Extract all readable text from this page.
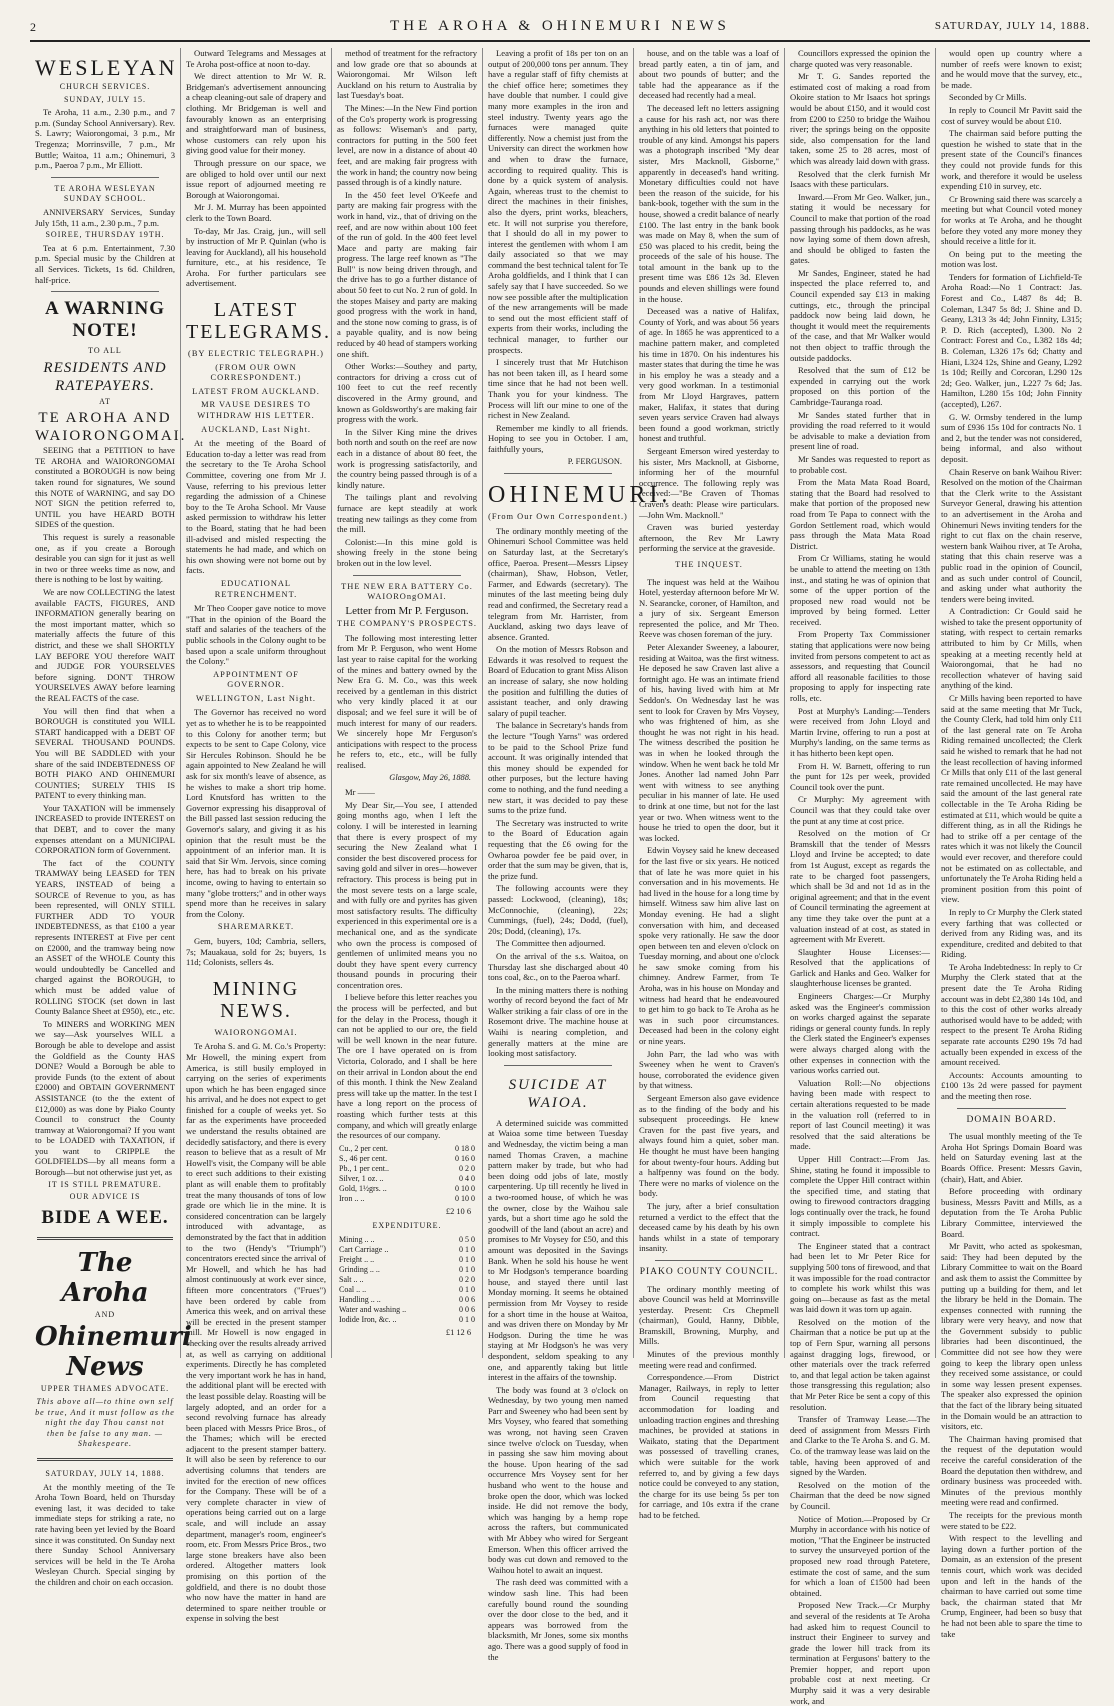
2	THE AROHA & OHINEMURI NEWS	SATURDAY, JULY 14, 1888.
WESLEYAN
CHURCH SERVICES.
SUNDAY, JULY 15.

Te Aroha, 11 a.m., 2.30 p.m., and 7 p.m. (Sunday School Anniversary). Rev. S. Lawry; Waiorongomai, 3 p.m., Mr Tregenza; Morrinsville, 7 p.m., Mr Buttle; Waitoa, 11 a.m.; Ohinemuri, 3 p.m., Paeroa 7 p.m., Mr Elliott.

TE AROHA WESLEYAN SUNDAY SCHOOL.

ANNIVERSARY Services, Sunday July 15th, 11 a.m., 2.30 p.m., 7 p.m.

SOIREE, THURSDAY 19TH.

Tea at 6 p.m. Entertainment, 7.30 p.m. Special music by the Children at all Services. Tickets, 1s 6d. Children, half-price.

A WARNING NOTE!
TO ALL
RESIDENTS AND RATEPAYERS.
AT
TE AROHA AND WAIORONGOMAI.

SEEING that a PETITION to have TE AROHA and WAIORONGOMAI constituted a BOROUGH is now being taken round for signatures, We sound this NOTE of WARNING, and say DO NOT SIGN the petition referred to, UNTIL you have HEARD BOTH SIDES of the question.

This request is surely a reasonable one, as if you create a Borough desirable you can sign for it just as well in two or three weeks time as now, and there is nothing to be lost by waiting.

We are now COLLECTING the latest available FACTS, FIGURES, AND INFORMATION generally bearing on the most important matter, which so materially affects the future of this district, and these we shall SHORTLY LAY BEFORE YOU therefore WAIT and JUDGE FOR YOURSELVES before signing. DON'T THROW YOURSELVES AWAY before learning the REAL FACTS of the case.

You will then find that when a BOROUGH is constituted you WILL START handicapped with a DEBT OF SEVERAL THOUSAND POUNDS. You will BE SADDLED with your share of the said INDEBTEDNESS OF BOTH PIAKO AND OHINEMURI COUNTIES; SURELY THIS IS PATENT to every thinking man.

Your TAXATION will be immensely INCREASED to provide INTEREST on that DEBT, and to cover the many expenses attendant on a MUNICIPAL CORPORATION form of Government.

The fact of the COUNTY TRAMWAY being LEASED for TEN YEARS, INSTEAD of being a SOURCE of Revenue to you, as has been represented, will ONLY STILL FURTHER ADD TO YOUR INDEBTEDNESS, as that £100 a year represents INTEREST at Five per cent on £2000, and the tramway being now an ASSET of the WHOLE County this would undoubtedly be Cancelled and charged against the BOROUGH, to which must be added value of ROLLING STOCK (set down in last County Balance Sheet at £950), etc., etc.

To MINERS and WORKING MEN we say—Ask yourselves WILL a Borough be able to develope and assist the Goldfield as the County HAS DONE? Would a Borough be able to provide Funds (to the extent of about £2000) and OBTAIN GOVERNMENT ASSISTANCE (to the the extent of £12,000) as was done by Piako County Council to construct the County tramway at Waiorongomai? If you want to be LOADED with TAXATION, if you want to CRIPPLE the GOLDFIELDS—by all means form a Borough—but not otherwise just yet, as

IT IS STILL PREMATURE.
OUR ADVICE IS
BIDE A WEE.
The Aroha
AND
Ohinemuri News
UPPER THAMES ADVOCATE.
This above all—to thine own self be true, And it must follow as the night the day Thou canst not then be false to any man. —Shakespeare.
SATURDAY, JULY 14, 1888.

At the monthly meeting of the Te Aroha Town Board, held on Thursday evening last, it was decided to take immediate steps for striking a rate, no rate having been yet levied by the Board since it was constituted. On Sunday next there Sunday School Anniversary services will be held in the Te Aroha Wesleyan Church. Special singing by the children and choir on each occasion.

Outward Telegrams and Messages at Te Aroha post-office at noon to-day.

We direct attention to Mr W. R. Bridgeman's advertisement announcing a cheap cleaning-out sale of drapery and clothing. Mr Bridgeman is well and favourably known as an enterprising and straightforward man of business, whose customers can rely upon his giving good value for their money.

Through pressure on our space, we are obliged to hold over until our next issue report of adjourned meeting re Borough at Waiorongomai.

Mr J. M. Murray has been appointed clerk to the Town Board.

To-day, Mr Jas. Craig, jun., will sell by instruction of Mr P. Quinlan (who is leaving for Auckland), all his household furniture, etc., at his residence, Te Aroha. For further particulars see advertisement.

LATEST TELEGRAMS.
(BY ELECTRIC TELEGRAPH.)
(FROM OUR OWN CORRESPONDENT.)
LATEST FROM AUCKLAND.
MR VAUSE DESIRES TO WITHDRAW HIS LETTER.
AUCKLAND, Last Night.

At the meeting of the Board of Education to-day a letter was read from the secretary to the Te Aroha School Committee, covering one from Mr J. Vause, referring to his previous letter regarding the admission of a Chinese boy to the Te Aroha School. Mr Vause asked permission to withdraw his letter to the Board, stating that he had been ill-advised and misled respecting the statements he had made, and which on his own showing were not borne out by facts.

EDUCATIONAL RETRENCHMENT.

Mr Theo Cooper gave notice to move "That in the opinion of the Board the staff and salaries of the teachers of the public schools in the Colony ought to be based upon a scale uniform throughout the Colony."

APPOINTMENT OF GOVERNOR.
WELLINGTON, Last Night.

The Governor has received no word yet as to whether he is to be reappointed to this Colony for another term; but expects to be sent to Cape Colony, vice Sir Hercules Robinson. Should he be again appointed to New Zealand he will ask for six month's leave of absence, as he wishes to make a short trip home. Lord Knutsford has written to the Governor expressing his disapproval of the Bill passed last session reducing the Governor's salary, and giving it as his opinion that the result must be the appointment of an inferior man. It is said that Sir Wm. Jervois, since coming here, has had to break on his private income, owing to having to entertain so many "globe trotters;" and in other ways spend more than he receives in salary from the Colony.

SHAREMARKET.

Gem, buyers, 10d; Cambria, sellers, 7s; Mauakaua, sold for 2s; buyers, 1s 11d; Colonists, sellers 4s.

MINING NEWS.
WAIORONGOMAI.

Te Aroha S. and G. M. Co.'s Property: Mr Howell, the mining expert from America, is still busily employed in carrying on the series of experiments upon which he has been engaged since his arrival, and he does not expect to get finished for a couple of weeks yet. So far as the experiments have proceeded we understand the results obtained are decidedly satisfactory, and there is every reason to believe that as a result of Mr Howell's visit, the Company will be able to erect such additions to their existing plant as will enable them to profitably treat the many thousands of tons of low grade ore which lie in the mine. It is considered concentration can be largely introduced with advantage, as demonstrated by the fact that in addition to the two (Hendy's "Triumph") concentrators erected since the arrival of Mr Howell, and which he has had almost continuously at work ever since, fifteen more concentrators ("Frues") have been ordered by cable from America this week, and on arrival these will be erected in the present stamper mill. Mr Howell is now engaged in checking over the results already arrived at, as well as carrying on additional experiments. Directly he has completed the very important work he has in hand, the additional plant will be erected with the least possible delay. Roasting will be largely adopted, and an order for a second revolving furnace has already been placed with Messrs Price Bros., of the Thames; which will be erected adjacent to the present stamper battery. It will also be seen by reference to our advertising columns that tenders are invited for the erection of new offices for the Company. These will be of a very complete character in view of operations being carried out on a large scale, and will include an assay department, manager's room, engineer's room, etc. From Messrs Price Bros., two large stone breakers have also been ordered. Altogether matters look promising on this portion of the goldfield, and there is no doubt those who now have the matter in hand are determined to spare neither trouble or expense in solving the best

method of treatment for the refractory and low grade ore that so abounds at Waiorongomai. Mr Wilson left Auckland on his return to Australia by last Tuesday's boat.

The Mines:—In the New Find portion of the Co's property work is progressing as follows: Wiseman's and party, contractors for putting in the 500 feet level, are now in a distance of about 40 feet, and are making fair progress with the work in hand; the country now being passed through is of a kindly nature.

In the 450 feet level O'Keefe and party are making fair progress with the work in hand, viz., that of driving on the reef, and are now within about 100 feet of the run of gold. In the 400 feet level Mace and party are making fair progress. The large reef known as "The Bull" is now being driven through, and the drive has to go a further distance of about 50 feet to cut No. 2 run of gold. In the stopes Maisey and party are making good progress with the work in hand, and the stone now coming to grass, is of a payable quality, and is now being reduced by 40 head of stampers working one shift.

Other Works:—Southey and party, contractors for driving a cross cut of 100 feet to cut the reef recently discovered in the Army ground, and known as Goldsworthy's are making fair progress with the work.

In the Silver King mine the drives both north and south on the reef are now each in a distance of about 80 feet, the work is progressing satisfactorily, and the country being passed through is of a kindly nature.

The tailings plant and revolving furnace are kept steadily at work treating new tailings as they come from the mill.

Colonist:—In this mine gold is showing freely in the stone being broken out in the low level.

THE NEW ERA BATTERY Co. WAIOROngOMAI.
Letter from Mr P. Ferguson.
THE COMPANY'S PROSPECTS.

The following most interesting letter from Mr P. Ferguson, who went Home last year to raise capital for the working of the mines and battery owned by the New Era G. M. Co., was this week received by a gentleman in this district who very kindly placed it at our disposal; and we feel sure it will be of much interest for many of our readers. We sincerely hope Mr Ferguson's anticipations with respect to the process he refers to, etc., etc., will be fully realised.

Glasgow, May 26, 1888.

Mr ——

My Dear Sir,—You see, I attended going months ago, when I left the colony. I will be interested in learning that there is every prospect of my securing the New Zealand what I consider the best discovered process for saving gold and silver in ores—however refractory. This process is being put in the most severe tests on a large scale, and with fully ore and pyrites has given most satisfactory results. The difficulty experienced in this experimental ore is a mechanical one, and as the syndicate who own the process is composed of gentlemen of unlimited means you no doubt they have spent every currency thousand pounds in procuring their concentration ores.

I believe before this letter reaches you the process will be perfected, and but for the delay in the Process, though it can not be applied to our ore, the field will be well known in the near future. The ore I have operated on is from Victoria, Colorado, and I shall be here on their arrival in London about the end of this month. I think the New Zealand press will take up the matter. In the test I have a long report on the process of roasting which further tests at this company, and which will greatly enlarge the resources of our company.

Cu., 2 per cent.	0 18 0
S., 46 per cent.	0 16 0
Pb., 1 per cent..	0 2 0
Silver, 1 oz. ..	0 4 0
Gold, 1½grs. ..	0 10 0
Iron .. ..	0 10 0
£2 10 6
EXPENDITURE.
Mining .. ..	0 5 0
Cart Carriage ..	0 1 0
Freight .. ..	0 1 0
Grinding .. ..	0 1 0
Salt .. ..	0 2 0
Coal .. ..	0 1 0
Handling .. ..	0 0 6
Water and washing ..	0 0 6
Iodide Iron, &c. ..	0 1 0
£1 12 6

Leaving a profit of 18s per ton on an output of 200,000 tons per annum. They have a regular staff of fifty chemists at the chief office here; sometimes they have double that number. I could give many more examples in the iron and steel industry. Twenty years ago the furnaces were managed quite differently. Now a chemist just from the University can direct the workmen how and when to draw the furnace, according to required quality. This is done by a quick system of analysis. Again, whereas trust to the chemist to direct the machines in their finishes, also the dyers, print works, bleachers, etc. It will not surprise you therefore, that I should do all in my power to interest the gentlemen with whom I am daily associated so that we may command the best technical talent for Te Aroha goldfields, and I think that I can safely say that I have succeeded. So we now see possible after the multiplication of the new arrangements will be made to send out the most efficient staff of experts from their works, including the technical manager, to further our prospects.

I sincerely trust that Mr Hutchison has not been taken ill, as I heard some time since that he had not been well. Thank you for your kindness. The Process will lift our mine to one of the richest in New Zealand.

Remember me kindly to all friends. Hoping to see you in October. I am, faithfully yours,

P. FERGUSON.
OHINEMURI.
(From Our Own Correspondent.)

The ordinary monthly meeting of the Ohinemuri School Committee was held on Saturday last, at the Secretary's office, Paeroa. Present—Messrs Lipsey (chairman), Shaw, Hobson, Vetler, Farmer, and Edwards (secretary). The minutes of the last meeting being duly read and confirmed, the Secretary read a telegram from Mr. Harrister, from Auckland, asking two days leave of absence. Granted.

On the motion of Messrs Robson and Edwards it was resolved to request the Board of Education to grant Miss Alison an increase of salary, she now holding the position and fulfilling the duties of assistant teacher, and only drawing salary of pupil teacher.

The balance in Secretary's hands from the lecture "Tough Yarns" was ordered to be paid to the School Prize fund account. It was originally intended that this money should be expended for other purposes, but the lecture having come to nothing, and the fund needing a new start, it was decided to pay these sums to the prize fund.

The Secretary was instructed to write to the Board of Education again requesting that the £6 owing for the Owharoa powder fee be paid over, in order that the sum may be given, that is, the prize fund.

The following accounts were they passed: Lockwood, (cleaning), 18s; McConnochie, (cleaning), 22s; Cummings, (fuel), 24s; Dodd, (fuel), 20s; Dodd, (cleaning), 17s.

The Committee then adjourned.

On the arrival of the s.s. Waitoa, on Thursday last she discharged about 40 tons coal, &c., on to the Paeroa wharf.

In the mining matters there is nothing worthy of record beyond the fact of Mr Walker striking a fair class of ore in the Rosemont drive. The machine house at Waihi is nearing completion, and generally matters at the mine are looking most satisfactory.

SUICIDE AT WAIOA.

A determined suicide was committed at Waioa some time between Tuesday and Wednesday, the victim being a man named Thomas Craven, a machine pattern maker by trade, but who had been doing odd jobs of late, mostly carpentering. Up till recently he lived in a two-roomed house, of which he was the owner, close by the Waihou sale yards, but a short time ago he sold the goodwill of the land (about an acre) and promises to Mr Voysey for £50, and this amount was deposited in the Savings Bank. When he sold his house he went to Mr Hodgson's temperance boarding house, and stayed there until last Monday morning. It seems he obtained permission from Mr Voysey to reside for a short time in the house at Waitoa, and was driven there on Monday by Mr Hodgson. During the time he was staying at Mr Hodgson's he was very despondent, seldom speaking to any one, and apparently taking but little interest in the affairs of the township.

The body was found at 3 o'clock on Wednesday, by two young men named Parr and Sweeney who had been sent by Mrs Voysey, who feared that something was wrong, not having seen Craven since twelve o'clock on Tuesday, when in passing she saw him moving about the house. Upon hearing of the sad occurrence Mrs Voysey sent for her husband who went to the house and broke open the door, which was locked inside. He did not remove the body, which was hanging by a hemp rope across the rafters, but communicated with Mr Abbey who wired for Sergeant Emerson. When this officer arrived the body was cut down and removed to the Waihou hotel to await an inquest.

The rash deed was committed with a window sash line. This had been carefully bound round the sounding over the door close to the bed, and it appears was borrowed from the blacksmith, Mr Jones, some six months ago. There was a good supply of food in the

house, and on the table was a loaf of bread partly eaten, a tin of jam, and about two pounds of butter; and the table had the appearance as if the deceased had recently had a meal.

The deceased left no letters assigning a cause for his rash act, nor was there anything in his old letters that pointed to trouble of any kind. Amongst his papers was a photograph inscribed "My dear sister, Mrs Macknoll, Gisborne," apparently in deceased's hand writing. Monetary difficulties could not have been the reason of the suicide, for his bank-book, together with the sum in the house, showed a credit balance of nearly £100. The last entry in the bank book was made on May 8, when the sum of £50 was placed to his credit, being the proceeds of the sale of his house. The total amount in the bank up to the present time was £86 12s 3d. Eleven pounds and eleven shillings were found in the house.

Deceased was a native of Halifax, County of York, and was about 56 years of age. In 1865 he was apprenticed to a machine pattern maker, and completed his time in 1870. On his indentures his master states that during the time he was in his employ he was a steady and a very good workman. In a testimonial from Mr Lloyd Hargraves, pattern maker, Halifax, it states that during seven years service Craven had always been found a good workman, strictly honest and truthful.

Sergeant Emerson wired yesterday to his sister, Mrs Macknoll, at Gisborne, informing her of the mournful occurrence. The following reply was received:—"Be Craven of Thomas Craven's death: Please wire particulars.—John Wm. Macknoll."

Craven was buried yesterday afternoon, the Rev Mr Lawry performing the service at the graveside.

THE INQUEST.

The inquest was held at the Waihou Hotel, yesterday afternoon before Mr W. N. Searancke, coroner, of Hamilton, and a jury of six. Sergeant Emerson represented the police, and Mr Theo. Reeve was chosen foreman of the jury.

Peter Alexander Sweeney, a labourer, residing at Waitoa, was the first witness. He deposed he saw Craven last alive a fortnight ago. He was an intimate friend of his, having lived with him at Mr Seddon's. On Wednesday last he was sent to look for Craven by Mrs Voysey, who was frightened of him, as she thought he was not right in his head. The witness described the position he was in when he looked through the window. When he went back he told Mr Jones. Another lad named John Parr went with witness to see anything peculiar in his manner of late. He used to drink at one time, but not for the last year or two. When witness went to the house he tried to open the door, but it was locked.

Edwin Voysey said he knew deceased for the last five or six years. He noticed that of late he was more quiet in his conversation and in his movements. He had lived in the house for a long time by himself. Witness saw him alive last on Monday evening. He had a slight conversation with him, and deceased spoke very rationally. He saw the door open between ten and eleven o'clock on Tuesday morning, and about one o'clock he saw smoke coming from his chimney. Andrew Farmer, from Te Aroha, was in his house on Monday and witness had heard that he endeavoured to get him to go back to Te Aroha as he was in such poor circumstances. Deceased had been in the colony eight or nine years.

John Parr, the lad who was with Sweeney when he went to Craven's house, corroborated the evidence given by that witness.

Sergeant Emerson also gave evidence as to the finding of the body and his subsequent proceedings. He knew Craven for the past five years, and always found him a quiet, sober man. He thought he must have been hanging for about twenty-four hours. Adding but a halfpenny was found on the body. There were no marks of violence on the body.

The jury, after a brief consultation returned a verdict to the effect that the deceased came by his death by his own hands whilst in a state of temporary insanity.

PIAKO COUNTY COUNCIL.

The ordinary monthly meeting of above Council was held at Morrinsville yesterday. Present: Crs Chepmell (chairman), Gould, Hanny, Dibble, Bramskill, Browning, Murphy, and Mills.

Minutes of the previous monthly meeting were read and confirmed.

Correspondence.—From District Manager, Railways, in reply to letter from Council requesting that accommodation for loading and unloading traction engines and threshing machines, be provided at stations in Waikato, stating that the Department was possessed of travelling cranes, which were suitable for the work referred to, and by giving a few days notice could be conveyed to any station, the charge for its use being 5s per ton for carriage, and 10s extra if the crane had to be fetched.

Councillors expressed the opinion the charge quoted was very reasonable.

Mr T. G. Sandes reported the estimated cost of making a road from Okoire station to Mr Isaacs hot springs would be about £150, and it would cost from £200 to £250 to bridge the Waihou river; the springs being on the opposite side, also compensation for the land taken, some 25 to 28 acres, most of which was already laid down with grass.

Resolved that the clerk furnish Mr Isaacs with these particulars.

Inward.—From Mr Geo. Walker, jun., stating it would be necessary for Council to make that portion of the road passing through his paddocks, as he was now laying some of them down afresh, and should be obliged to fasten the gates.

Mr Sandes, Engineer, stated he had inspected the place referred to, and Council expended say £13 in making cuttings, etc., through the principal paddock now being laid down, he thought it would meet the requirements of the case, and that Mr Walker would not then object to traffic through the outside paddocks.

Resolved that the sum of £12 be expended in carrying out the work proposed on this portion of the Cambridge-Tauranga road.

Mr Sandes stated further that in providing the road referred to it would be advisable to make a deviation from present line of road.

Mr Sandes was requested to report as to probable cost.

From the Mata Mata Road Board, stating that the Board had resolved to make that portion of the proposed new road from Te Papa to connect with the Gordon Settlement road, which would pass through the Mata Mata Road District.

From Cr Williams, stating he would be unable to attend the meeting on 13th inst., and stating he was of opinion that some of the upper portion of the proposed new road would not be improved by being formed. Letter received.

From Property Tax Commissioner stating that applications were now being invited from persons competent to act as assessors, and requesting that Council afford all reasonable facilities to those proposing to apply for inspecting rate rolls, etc.

Post at Murphy's Landing:—Tenders were received from John Lloyd and Martin Irvine, offering to run a post at Murphy's landing, on the same terms as it has hitherto been kept open.

From H. W. Barnett, offering to run the punt for 12s per week, provided Council took over the punt.

Cr Murphy: My agreement with Council was that they could take over the punt at any time at cost price.

Resolved on the motion of Cr Bramskill that the tender of Messrs Lloyd and Irvine be accepted; to date from 1st August, except as regards the rate to be charged foot passengers, which shall be 3d and not 1d as in the original agreement; and that in the event of Council terminating the agreement at any time they take over the punt at a valuation instead of at cost, as stated in agreement with Mr Everett.

Slaughter House Licenses:—Resolved that the applications of Garlick and Hanks and Geo. Walker for slaughterhouse licenses be granted.

Engineers Charges:—Cr Murphy asked was the Engineer's commission on works charged against the separate ridings or general county funds. In reply the Clerk stated the Engineer's expenses were always charged along with the other expenses in connection with the various works carried out.

Valuation Roll:—No objections having been made with respect to certain alterations requested to be made in the valuation roll (referred to in report of last Council meeting) it was resolved that the said alterations be made.

Upper Hill Contract:—From Jas. Shine, stating he found it impossible to complete the Upper Hill contract within the specified time, and stating that owing to firewood contractors dragging logs continually over the track, he found it simply impossible to complete his contract.

The Engineer stated that a contract had been let to Mr Peter Rice for supplying 500 tons of firewood, and that it was impossible for the road contractor to complete his work whilst this was going on—because as fast as the metal was laid down it was torn up again.

Resolved on the motion of the Chairman that a notice be put up at the top of Fern Spur, warning all persons against dragging logs, firewood, or other materials over the track referred to, and that legal action be taken against those transgressing this regulation; also that Mr Peter Rice be sent a copy of this resolution.

Transfer of Tramway Lease.—The deed of assignment from Messrs Firth and Clarke to the Te Aroha S. and G. M. Co. of the tramway lease was laid on the table, having been approved of and signed by the Warden.

Resolved on the motion of the Chairman that the deed be now signed by Council.

Notice of Motion.—Proposed by Cr Murphy in accordance with his notice of motion, "That the Engineer be instructed to survey the unsurveyed portion of the proposed new road through Patetere, estimate the cost of same, and the sum for which a loan of £1500 had been obtained.

Proposed New Track.—Cr Murphy and several of the residents at Te Aroha had asked him to request Council to instruct their Engineer to survey and grade the lower hill track from its termination at Fergusons' battery to the Premier hopper, and report upon probable cost at next meeting. Cr Murphy said it was a very desirable work, and

would open up country where a number of reefs were known to exist; and he would move that the survey, etc., be made.

Seconded by Cr Mills.

In reply to Council Mr Pavitt said the cost of survey would be about £10.

The chairman said before putting the question he wished to state that in the present state of the Council's finances they could not provide funds for this work, and therefore it would be useless expending £10 in survey, etc.

Cr Browning said there was scarcely a meeting but what Council voted money for works at Te Aroha, and he thought before they voted any more money they should receive a little for it.

On being put to the meeting the motion was lost.

Tenders for formation of Lichfield-Te Aroha Road:—No 1 Contract: Jas. Forest and Co., L487 8s 4d; B. Coleman, L347 5s 8d; J. Shine and D. Geany, L313 3s 4d; John Finnity, L315; P. D. Rich (accepted), L300. No 2 Contract: Forest and Co., L382 18s 4d; B. Coleman, L326 17s 6d; Chatty and Hiani, L324 12s, Shine and Geany, L292 1s 10d; Reilly and Corcoran, L290 12s 2d; Geo. Walker, jun., L227 7s 6d; Jas. Hamilton, L280 15s 10d; John Finnity (accepted), L267.

G. W. Ormsby tendered in the lump sum of £936 15s 10d for contracts No. 1 and 2, but the tender was not considered, being informal, and also without deposit.

Chain Reserve on bank Waihou River: Resolved on the motion of the Chairman that the Clerk write to the Assistant Surveyor General, drawing his attention to an advertisement in the Aroha and Ohinemuri News inviting tenders for the right to cut flax on the chain reserve, western bank Waihou river, at Te Aroha, stating that this chain reserve was a public road in the opinion of Council, and as such under control of Council, and asking under what authority the tenders were being invited.

A Contradiction: Cr Gould said he wished to take the present opportunity of stating, with respect to certain remarks attributed to him by Cr Mills, when speaking at a meeting recently held at Waiorongomai, that he had no recollection whatever of having said anything of the kind.

Cr Mills having been reported to have said at the same meeting that Mr Tuck, the County Clerk, had told him only £11 of the last general rate on Te Aroha Riding remained uncollected; the Clerk said he wished to remark that he had not the least recollection of having informed Cr Mills that only £11 of the last general rate remained uncollected. He may have said the amount of the last general rate collectable in the Te Aroha Riding be estimated at £11, which would be quite a different thing, as in all the Ridings he had to strike off a per centage of the rates which it was not likely the Council would ever recover, and therefore could not be estimated on as collectable, and unfortunately the Te Aroha Riding held a prominent position from this point of view.

In reply to Cr Murphy the Clerk stated every farthing that was collected or derived from any Riding was, and its expenditure, credited and debited to that Riding.

Te Aroha Indebtedness: In reply to Cr Murphy the Clerk stated that at the present date the Te Aroha Riding account was in debt £2,380 14s 10d, and to this the cost of other works already authorised would have to be added; with respect to the present Te Aroha Riding separate rate accounts £290 19s 7d had actually been expended in excess of the amount received.

Accounts: Accounts amounting to £100 13s 2d were passed for payment and the meeting then rose.

DOMAIN BOARD.

The usual monthly meeting of the Te Aroha Hot Springs Domain Board was held on Saturday evening last at the Boards Office. Present: Messrs Gavin, (chair), Hatt, and Abier.

Before proceeding with ordinary business, Messrs Pavitt and Mills, as a deputation from the Te Aroha Public Library Committee, interviewed the Board.

Mr Pavitt, who acted as spokesman, said: They had been deputed by the Library Committee to wait on the Board and ask them to assist the Committee by putting up a building for them, and let the library be held in the Domain. The expenses connected with running the library were very heavy, and now that the Government subsidy to public libraries had been discontinued, the Committee did not see how they were going to keep the library open unless they received some assistance, or could in some way lessen present expenses. The speaker also expressed the opinion that the fact of the library being situated in the Domain would be an attraction to visitors, etc.

The Chairman having promised that the request of the deputation would receive the careful consideration of the Board the deputation then withdrew, and ordinary business was proceeded with. Minutes of the previous monthly meeting were read and confirmed.

The receipts for the previous month were stated to be £22.

With respect to the levelling and laying down a further portion of the Domain, as an extension of the present tennis court, which work was decided upon and left in the hands of the chairman to have carried out some time back, the chairman stated that Mr Crump, Engineer, had been so busy that he had not been able to spare the time to take
